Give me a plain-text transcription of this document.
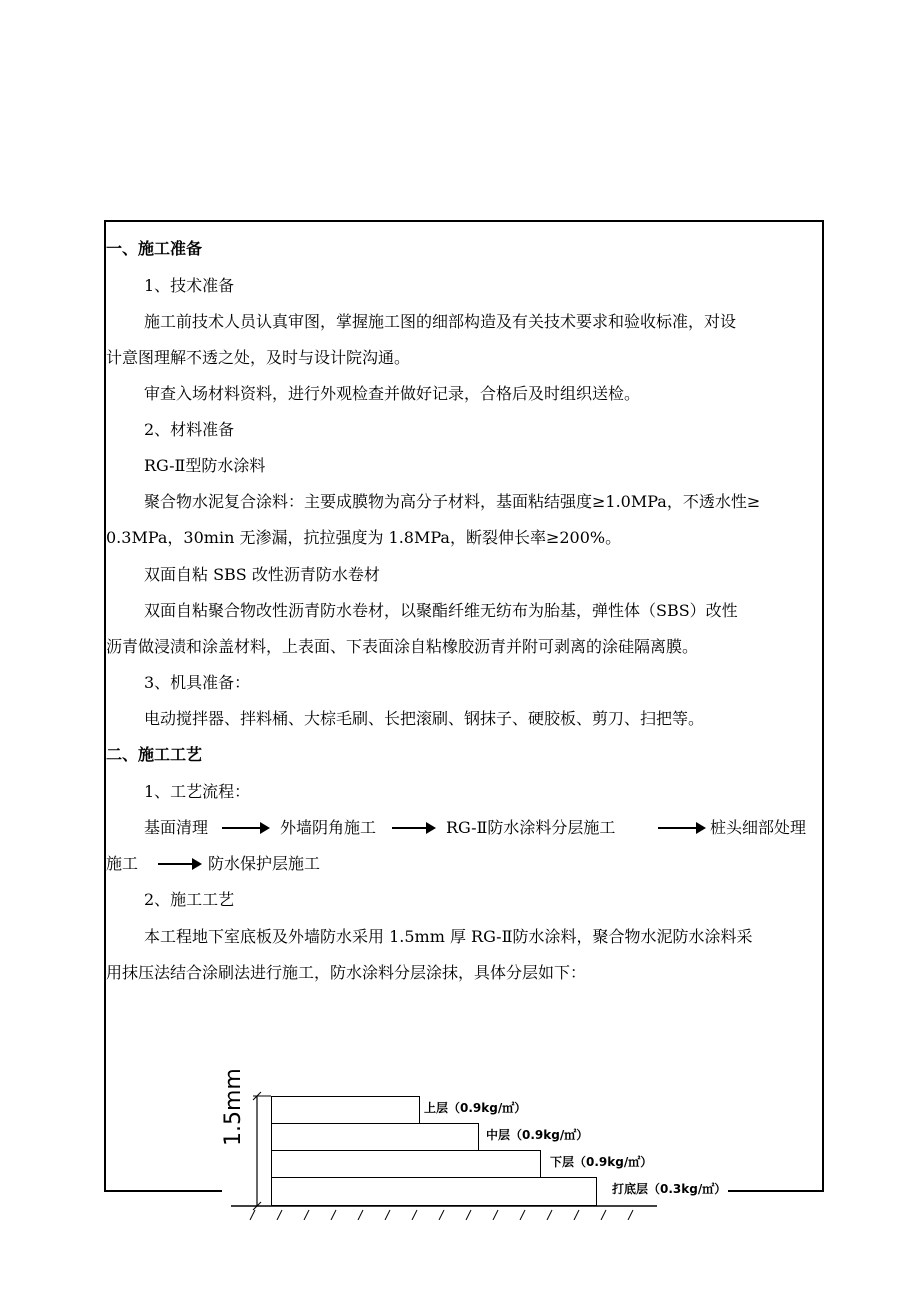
一、施工准备
1、技术准备
施工前技术人员认真审图，掌握施工图的细部构造及有关技术要求和验收标准，对设
计意图理解不透之处，及时与设计院沟通。
审查入场材料资料，进行外观检查并做好记录，合格后及时组织送检。
2、材料准备
RG-Ⅱ型防水涂料
聚合物水泥复合涂料：主要成膜物为高分子材料，基面粘结强度≥1.0MPa，不透水性≥
0.3MPa，30min 无渗漏，抗拉强度为 1.8MPa，断裂伸长率≥200%。
双面自粘 SBS 改性沥青防水卷材
双面自粘聚合物改性沥青防水卷材，以聚酯纤维无纺布为胎基，弹性体（SBS）改性
沥青做浸渍和涂盖材料，上表面、下表面涂自粘橡胶沥青并附可剥离的涂硅隔离膜。
3、机具准备：
电动搅拌器、拌料桶、大棕毛刷、长把滚刷、钢抹子、硬胶板、剪刀、扫把等。
二、施工工艺
1、工艺流程：
基面清理	外墙阴角施工	RG-Ⅱ防水涂料分层施工	桩头细部处理
施工	防水保护层施工
2、施工工艺
本工程地下室底板及外墙防水采用 1.5mm 厚 RG-Ⅱ防水涂料，聚合物水泥防水涂料采
用抹压法结合涂刷法进行施工，防水涂料分层涂抹，具体分层如下：
1.5mm	上层（0.9kg/㎡）
中层（0.9kg/㎡）
下层（0.9kg/㎡）
打底层（0.3kg/㎡）
